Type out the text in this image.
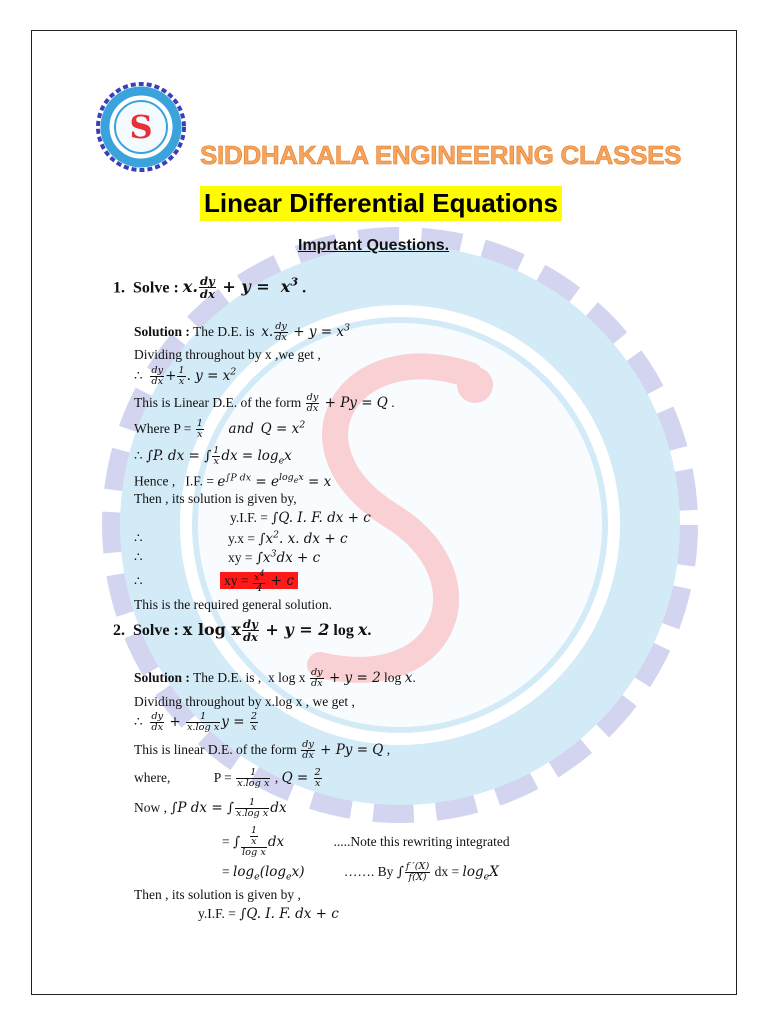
S
SIDDHAKALA ENGINEERING CLASSES
Linear Differential Equations
Imprtant Questions.
1. Solve : x. $\frac{dy}{dx} + y = x^3$ .
Solution : The D.E. is x. $\frac{dy}{dx} + y = x^3$
Dividing throughout by x ,we get ,
∴ $\frac{dy}{dx} + \frac{1}{x}$ . $y = x^2$
This is Linear D.E. of the form $\frac{dy}{dx} + Py = Q$ .
Where $P = \frac{1}{x}$ and $Q = x^2$
∴ ∫P. dx = ∫ $\frac{1}{x}$ dx = $\log_ex$
Hence , I.F. = $e^{\int P dx} = e^{log_ex} = x$
Then , its solution is given by,
y.I.F. = ∫Q. I. F. dx + c
∴	$y.x = \int x^2$. x. dx + c
∴	xy = $\int x^3dx + c$
∴	xy = $\frac{x^4}{4} + c$
This is the required general solution.
2. Solve : x log x $\frac{dy}{dx} + y = 2$ log x.
Solution : The D.E. is ,  x log x $\frac{dy}{dx} + y = 2$ log x.
Dividing throughout by x.log x , we get ,
∴ $\frac{dy}{dx} + \frac{1}{\text{x.log x}}$ $y = \frac{2}{x}$
This is linear D.E. of the form $\frac{dy}{dx} + Py = Q$ ,
where,	$P = \frac{1}{\text{x.log x}}$ , $Q = \frac{2}{x}$
Now , ∫P dx = ∫ $\frac{1}{\text{x.log x}}$ dx
= ∫ $\frac{\frac{1}{x}}{\text{log x}}$ dx	.....Note this rewriting integrated
= $\log_e(\log_ex)$	……. By ∫ $\frac{f '(X)}{f(X)}$ dx = $\log_eX$
Then , its solution is given by ,
y.I.F. = ∫Q. I. F. dx + c
